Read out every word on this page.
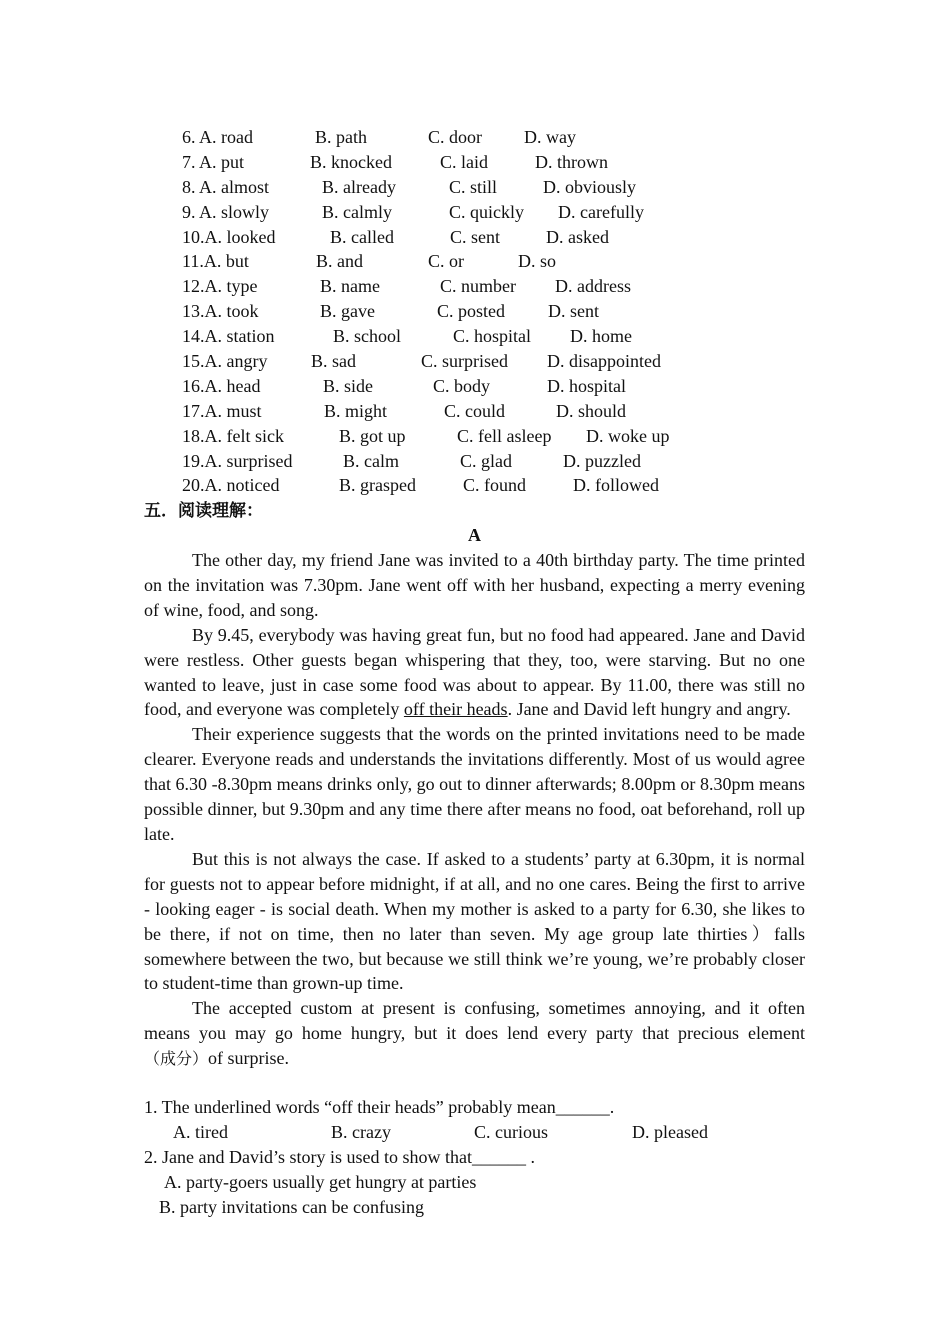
6. A. road	B. path	C. door D. way
7. A. put	B. knocked	C. laid	D. thrown
8. A. almost	B. already	C. still	D. obviously
9. A. slowly	B. calmly	C. quickly D. carefully
10.A. looked	B. called	C. sent	D. asked
11.A. but	B. and	C. or	D. so
12.A. type	B. name	C. number D. address
13.A. took	B. gave	C. posted D. sent
14.A. station	B. school	C. hospital D. home
15.A. angry B. sad	C. surprised D. disappointed
16.A. head	B. side	C. body	D. hospital
17.A. must	B. might	C. could	D. should
18.A. felt sick	B. got up	C. fell asleep D. woke up
19.A. surprised	B. calm	C. glad	D. puzzled
20.A. noticed	B. grasped	C. found	D. followed
五．阅读理解：
A

The other day, my friend Jane was invited to a 40th birthday party. The time printed on the invitation was 7.30pm. Jane went off with her husband, expecting a merry evening of wine, food, and song.

By 9.45, everybody was having great fun, but no food had appeared. Jane and David were restless. Other guests began whispering that they, too, were starving. But no one wanted to leave, just in case some food was about to appear. By 11.00, there was still no food, and everyone was completely off their heads. Jane and David left hungry and angry.

Their experience suggests that the words on the printed invitations need to be made clearer. Everyone reads and understands the invitations differently. Most of us would agree that 6.30 -8.30pm means drinks only, go out to dinner afterwards; 8.00pm or 8.30pm means possible dinner, but 9.30pm and any time there after means no food, oat beforehand, roll up late.

But this is not always the case. If asked to a students’ party at 6.30pm, it is normal for guests not to appear before midnight, if at all, and no one cares. Being the first to arrive - looking eager - is social death. When my mother is asked to a party for 6.30, she likes to be there, if not on time, then no later than seven. My age group late thirties）falls somewhere between the two, but because we still think we’re young, we’re probably closer to student-time than grown-up time.

The accepted custom at present is confusing, sometimes annoying, and it often means you may go home hungry, but it does lend every party that precious element（成分）of surprise.

1. The underlined words “off their heads” probably mean______.
A. tired	B. crazy	C. curious	D. pleased
2. Jane and David’s story is used to show that______ .
A. party-goers usually get hungry at parties
B. party invitations can be confusing
